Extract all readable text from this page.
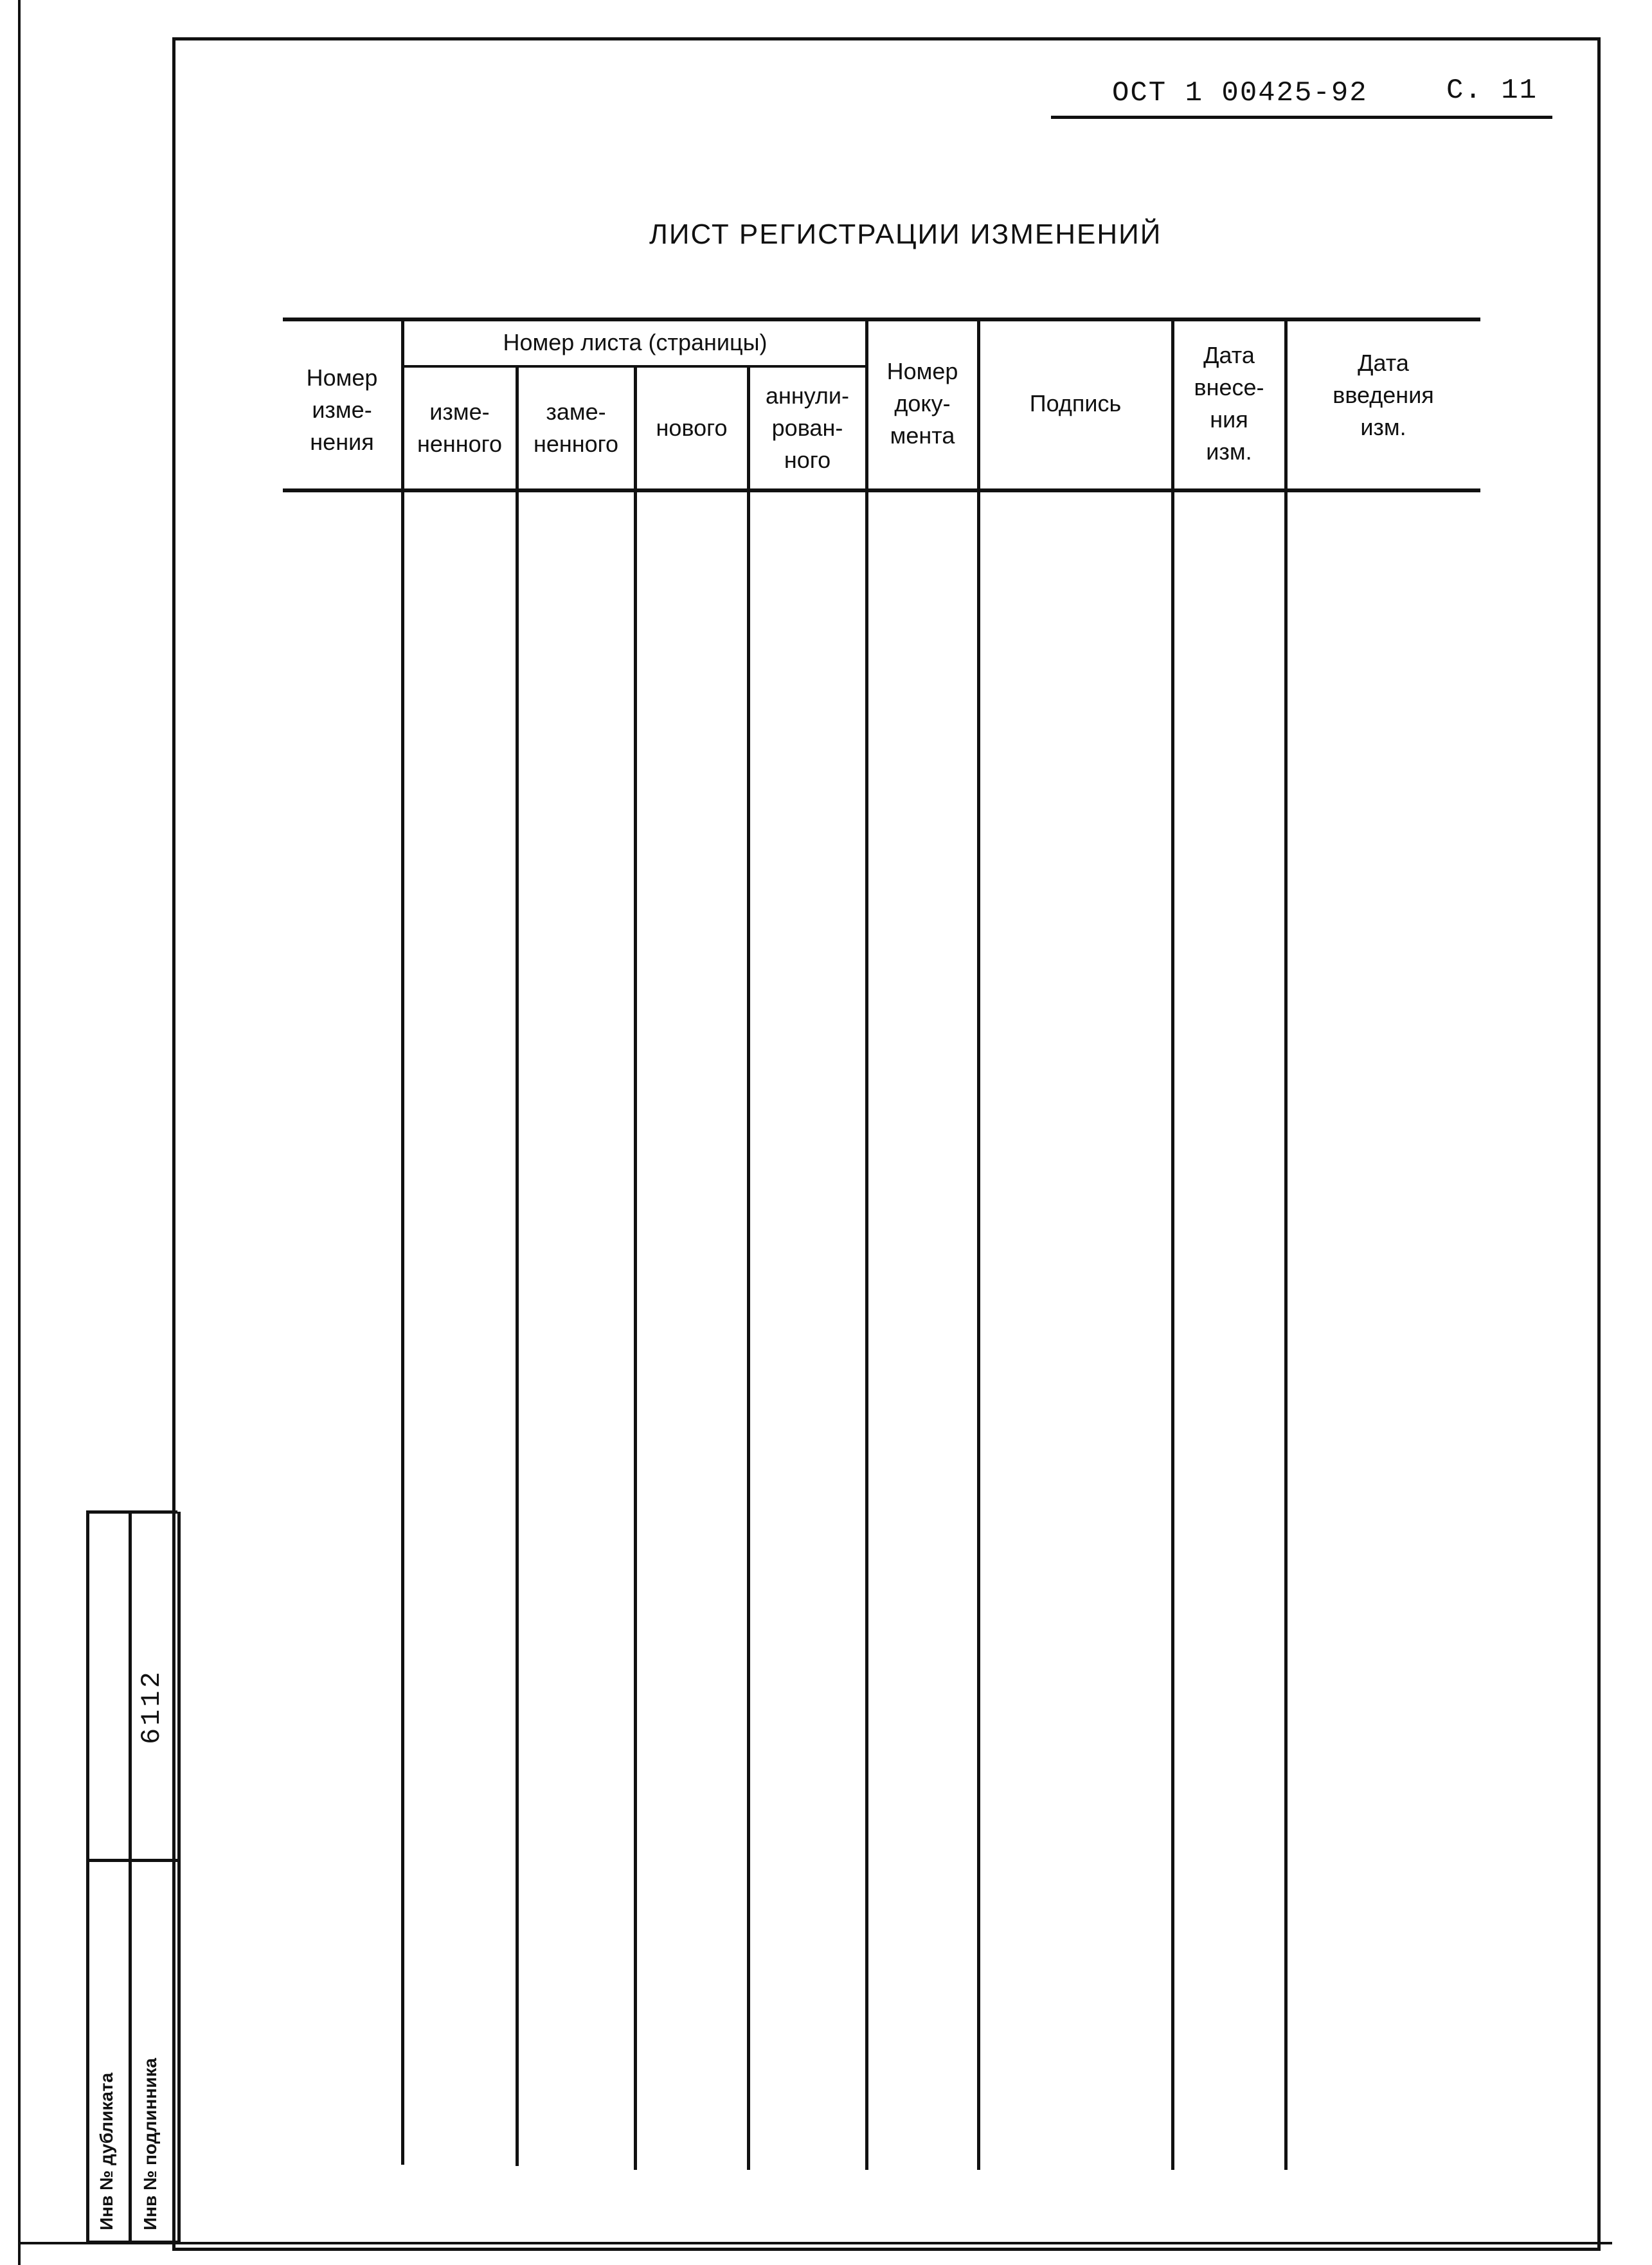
ОСТ 1 00425-92	С. 11
ЛИСТ РЕГИСТРАЦИИ ИЗМЕНЕНИЙ
Номер листа (страницы)
Номер
изме-
нения
изме-
ненного
заме-
ненного
нового
аннули-
рован-
ного
Номер
доку-
мента
Подпись
Дата
внесе-
ния
изм.
Дата
введения
изм.
Инв № дубликата Инв № подлинника
6112
